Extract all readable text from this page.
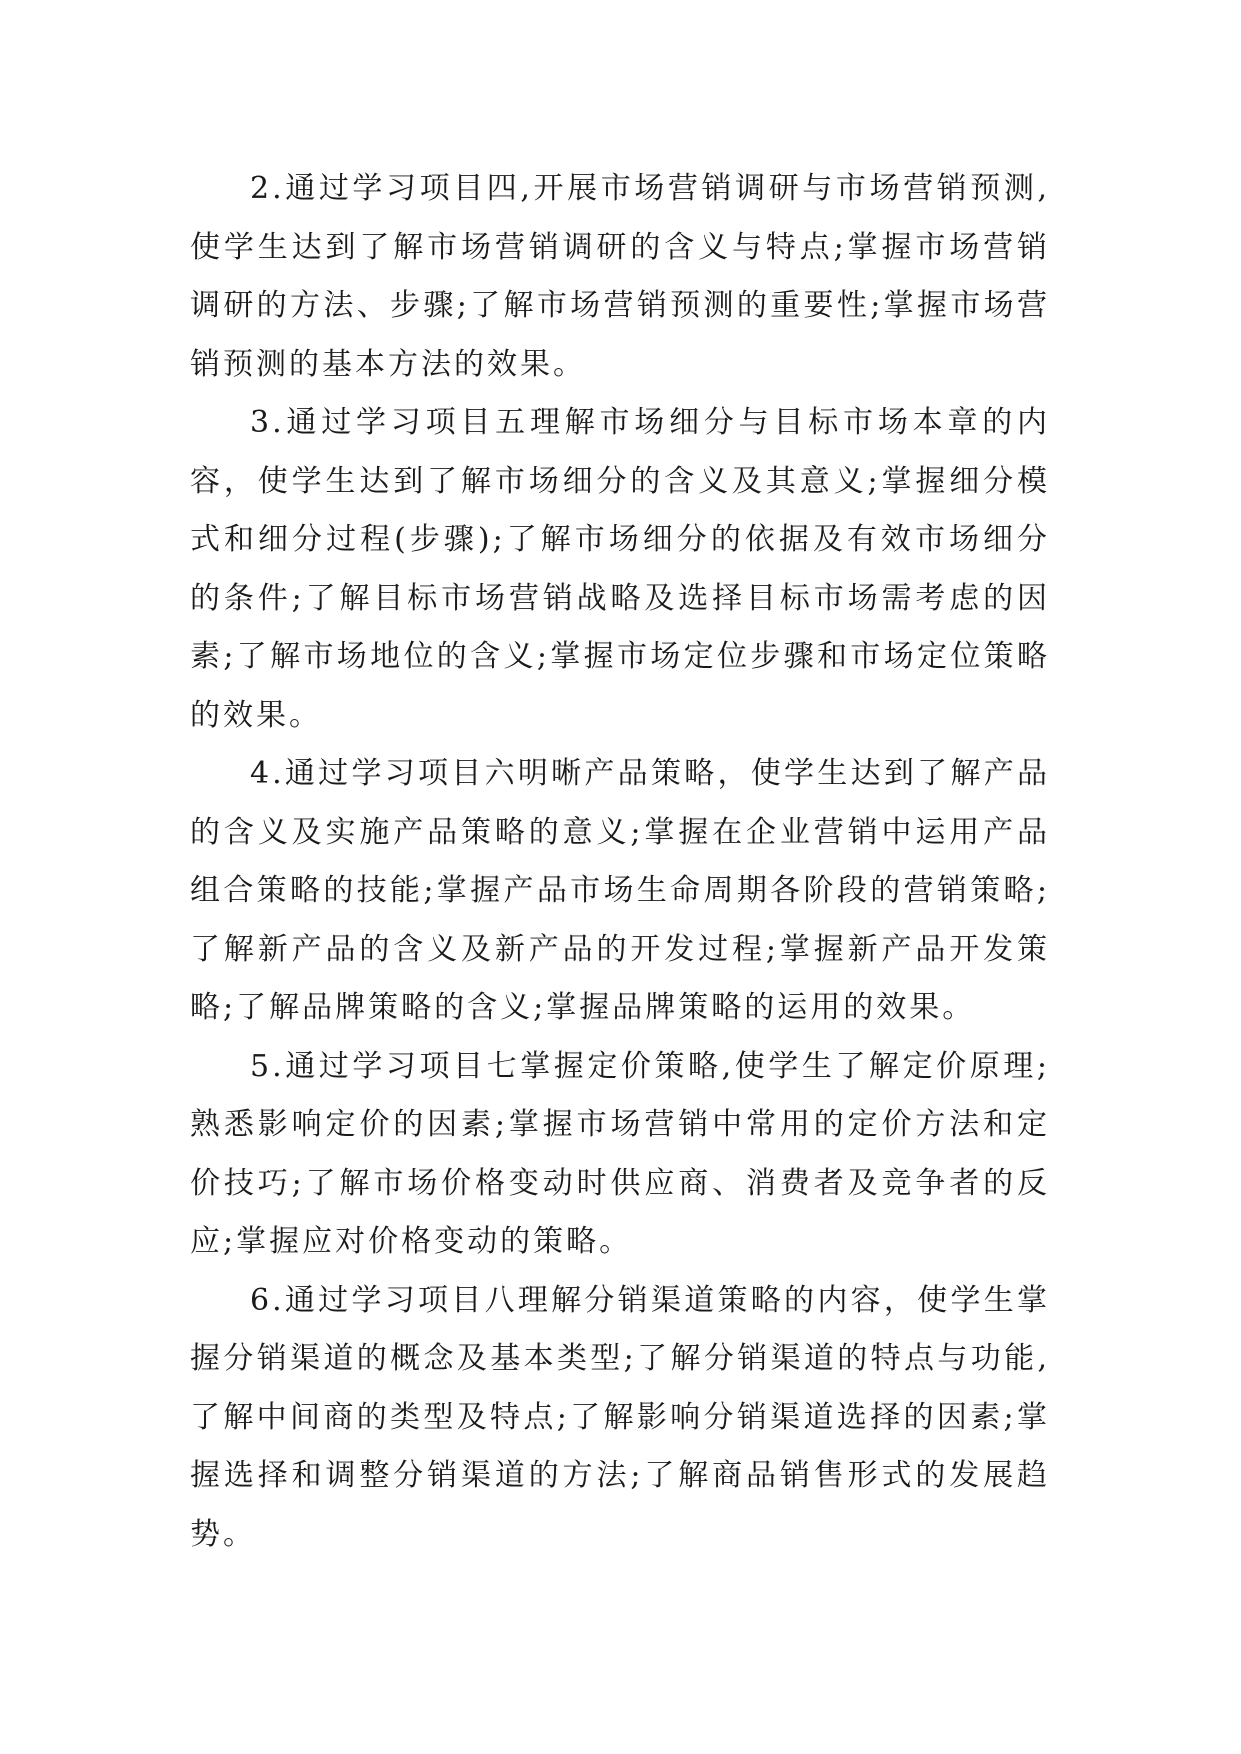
2.通过学习项目四,开展市场营销调研与市场营销预测,使学生达到了解市场营销调研的含义与特点;掌握市场营销调研的方法、步骤;了解市场营销预测的重要性;掌握市场营销预测的基本方法的效果。

3.通过学习项目五理解市场细分与目标市场本章的内容，使学生达到了解市场细分的含义及其意义;掌握细分模式和细分过程(步骤);了解市场细分的依据及有效市场细分的条件;了解目标市场营销战略及选择目标市场需考虑的因素;了解市场地位的含义;掌握市场定位步骤和市场定位策略的效果。

4.通过学习项目六明晰产品策略，使学生达到了解产品的含义及实施产品策略的意义;掌握在企业营销中运用产品组合策略的技能;掌握产品市场生命周期各阶段的营销策略;了解新产品的含义及新产品的开发过程;掌握新产品开发策略;了解品牌策略的含义;掌握品牌策略的运用的效果。

5.通过学习项目七掌握定价策略,使学生了解定价原理;熟悉影响定价的因素;掌握市场营销中常用的定价方法和定价技巧;了解市场价格变动时供应商、消费者及竞争者的反应;掌握应对价格变动的策略。

6.通过学习项目八理解分销渠道策略的内容，使学生掌握分销渠道的概念及基本类型;了解分销渠道的特点与功能,了解中间商的类型及特点;了解影响分销渠道选择的因素;掌握选择和调整分销渠道的方法;了解商品销售形式的发展趋势。
